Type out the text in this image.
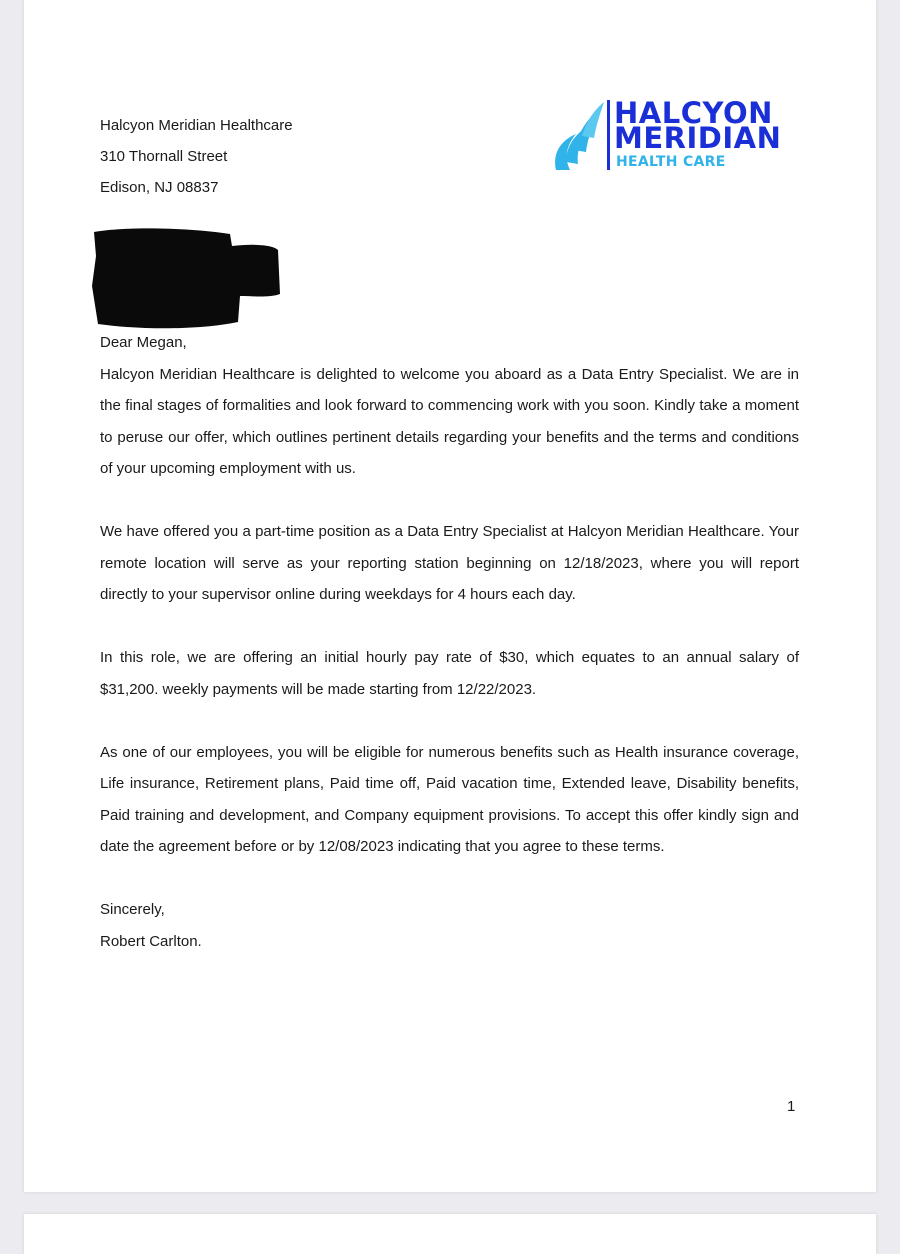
Halcyon Meridian Healthcare
310 Thornall Street
Edison, NJ 08837
HALCYON
MERIDIAN
HEALTH CARE

Dear Megan,

Halcyon Meridian Healthcare is delighted to welcome you aboard as a Data Entry Specialist. We are in the final stages of formalities and look forward to commencing work with you soon. Kindly take a moment to peruse our offer, which outlines pertinent details regarding your benefits and the terms and conditions of your upcoming employment with us.

We have offered you a part-time position as a Data Entry Specialist at Halcyon Meridian Healthcare. Your remote location will serve as your reporting station beginning on 12/18/2023, where you will report directly to your supervisor online during weekdays for 4 hours each day.

In this role, we are offering an initial hourly pay rate of $30, which equates to an annual salary of $31,200. weekly payments will be made starting from 12/22/2023.

As one of our employees, you will be eligible for numerous benefits such as Health insurance coverage, Life insurance, Retirement plans, Paid time off, Paid vacation time, Extended leave, Disability benefits, Paid training and development, and Company equipment provisions. To accept this offer kindly sign and date the agreement before or by 12/08/2023 indicating that you agree to these terms.

Sincerely,

Robert Carlton.

1
